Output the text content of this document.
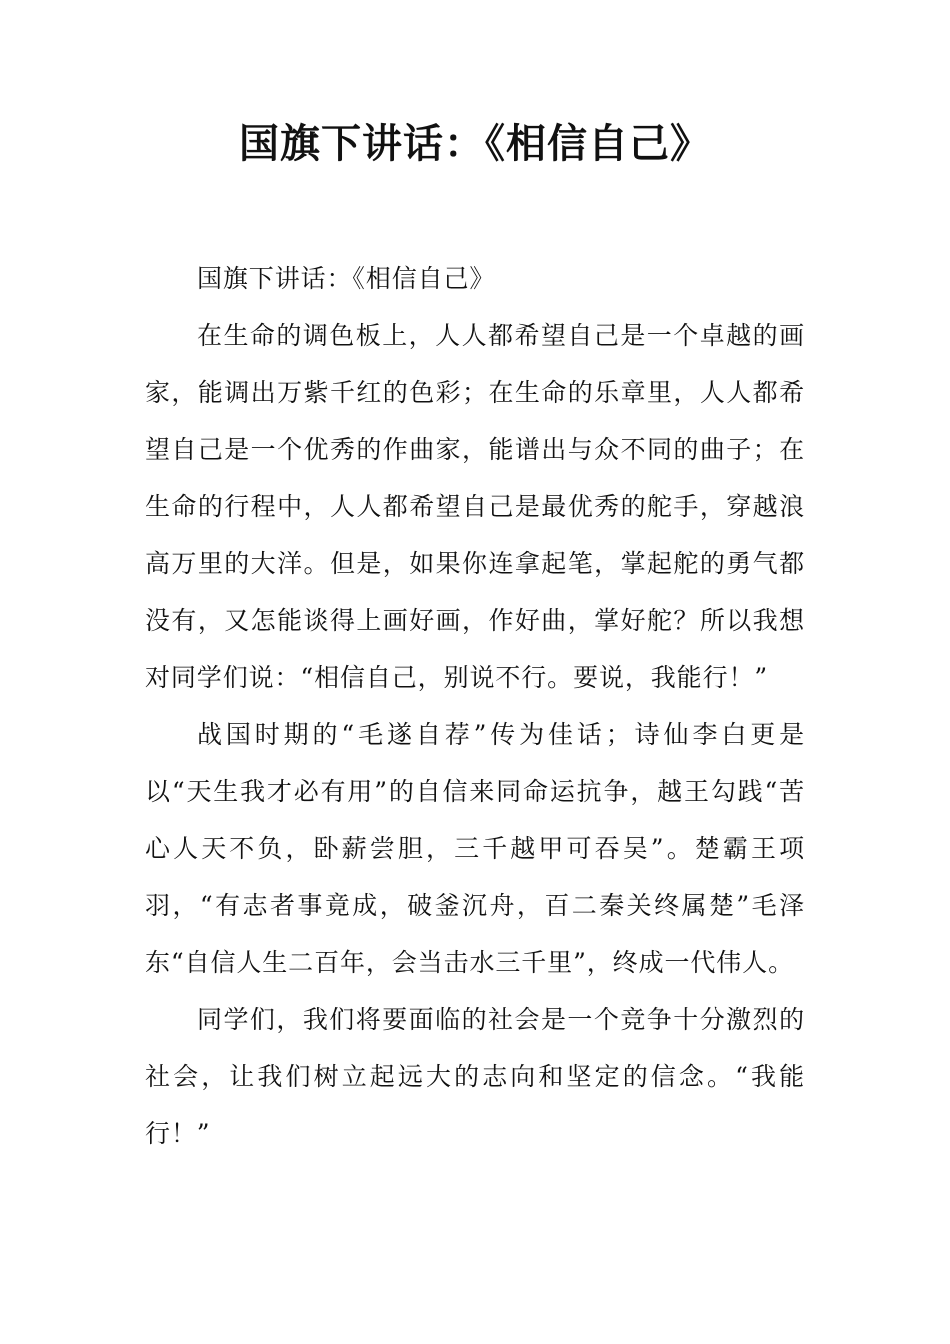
国旗下讲话：《相信自己》

国旗下讲话：《相信自己》

在生命的调色板上，人人都希望自己是一个卓越的画家，能调出万紫千红的色彩；在生命的乐章里，人人都希望自己是一个优秀的作曲家，能谱出与众不同的曲子；在生命的行程中，人人都希望自己是最优秀的舵手，穿越浪高万里的大洋。但是，如果你连拿起笔，掌起舵的勇气都没有，又怎能谈得上画好画，作好曲，掌好舵？所以我想对同学们说：“相信自己，别说不行。要说，我能行！”

战国时期的“毛遂自荐”传为佳话；诗仙李白更是以“天生我才必有用”的自信来同命运抗争，越王勾践“苦心人天不负，卧薪尝胆，三千越甲可吞吴”。楚霸王项羽，“有志者事竟成，破釜沉舟，百二秦关终属楚”毛泽东“自信人生二百年，会当击水三千里”，终成一代伟人。

同学们，我们将要面临的社会是一个竞争十分激烈的社会，让我们树立起远大的志向和坚定的信念。“我能行！”
